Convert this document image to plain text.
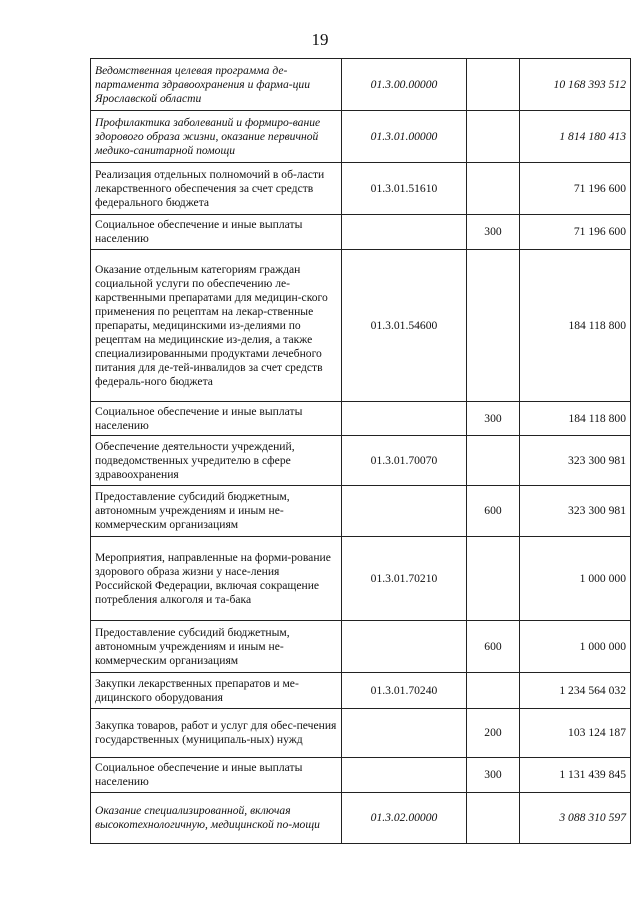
19
Ведомственная целевая программа де-партамента здравоохранения и фарма-ции Ярославской области	01.3.00.00000		10 168 393 512
Профилактика заболеваний и формиро-вание здорового образа жизни, оказание первичной медико-санитарной помощи	01.3.01.00000		1 814 180 413
Реализация отдельных полномочий в об-ласти лекарственного обеспечения за счет средств федерального бюджета	01.3.01.51610		71 196 600
Социальное обеспечение и иные выплаты населению		300	71 196 600
Оказание отдельным категориям граждан социальной услуги по обеспечению ле-карственными препаратами для медицин-ского применения по рецептам на лекар-ственные препараты, медицинскими из-делиями по рецептам на медицинские из-делия, а также специализированными продуктами лечебного питания для де-тей-инвалидов за счет средств федераль-ного бюджета	01.3.01.54600		184 118 800
Социальное обеспечение и иные выплаты населению		300	184 118 800
Обеспечение деятельности учреждений, подведомственных учредителю в сфере здравоохранения	01.3.01.70070		323 300 981
Предоставление субсидий бюджетным, автономным учреждениям и иным не-коммерческим организациям		600	323 300 981
Мероприятия, направленные на форми-рование здорового образа жизни у насе-ления Российской Федерации, включая сокращение потребления алкоголя и та-бака	01.3.01.70210		1 000 000
Предоставление субсидий бюджетным, автономным учреждениям и иным не-коммерческим организациям		600	1 000 000
Закупки лекарственных препаратов и ме-дицинского оборудования	01.3.01.70240		1 234 564 032
Закупка товаров, работ и услуг для обес-печения государственных (муниципаль-ных) нужд		200	103 124 187
Социальное обеспечение и иные выплаты населению		300	1 131 439 845
Оказание специализированной, включая высокотехнологичную, медицинской по-мощи	01.3.02.00000		3 088 310 597
